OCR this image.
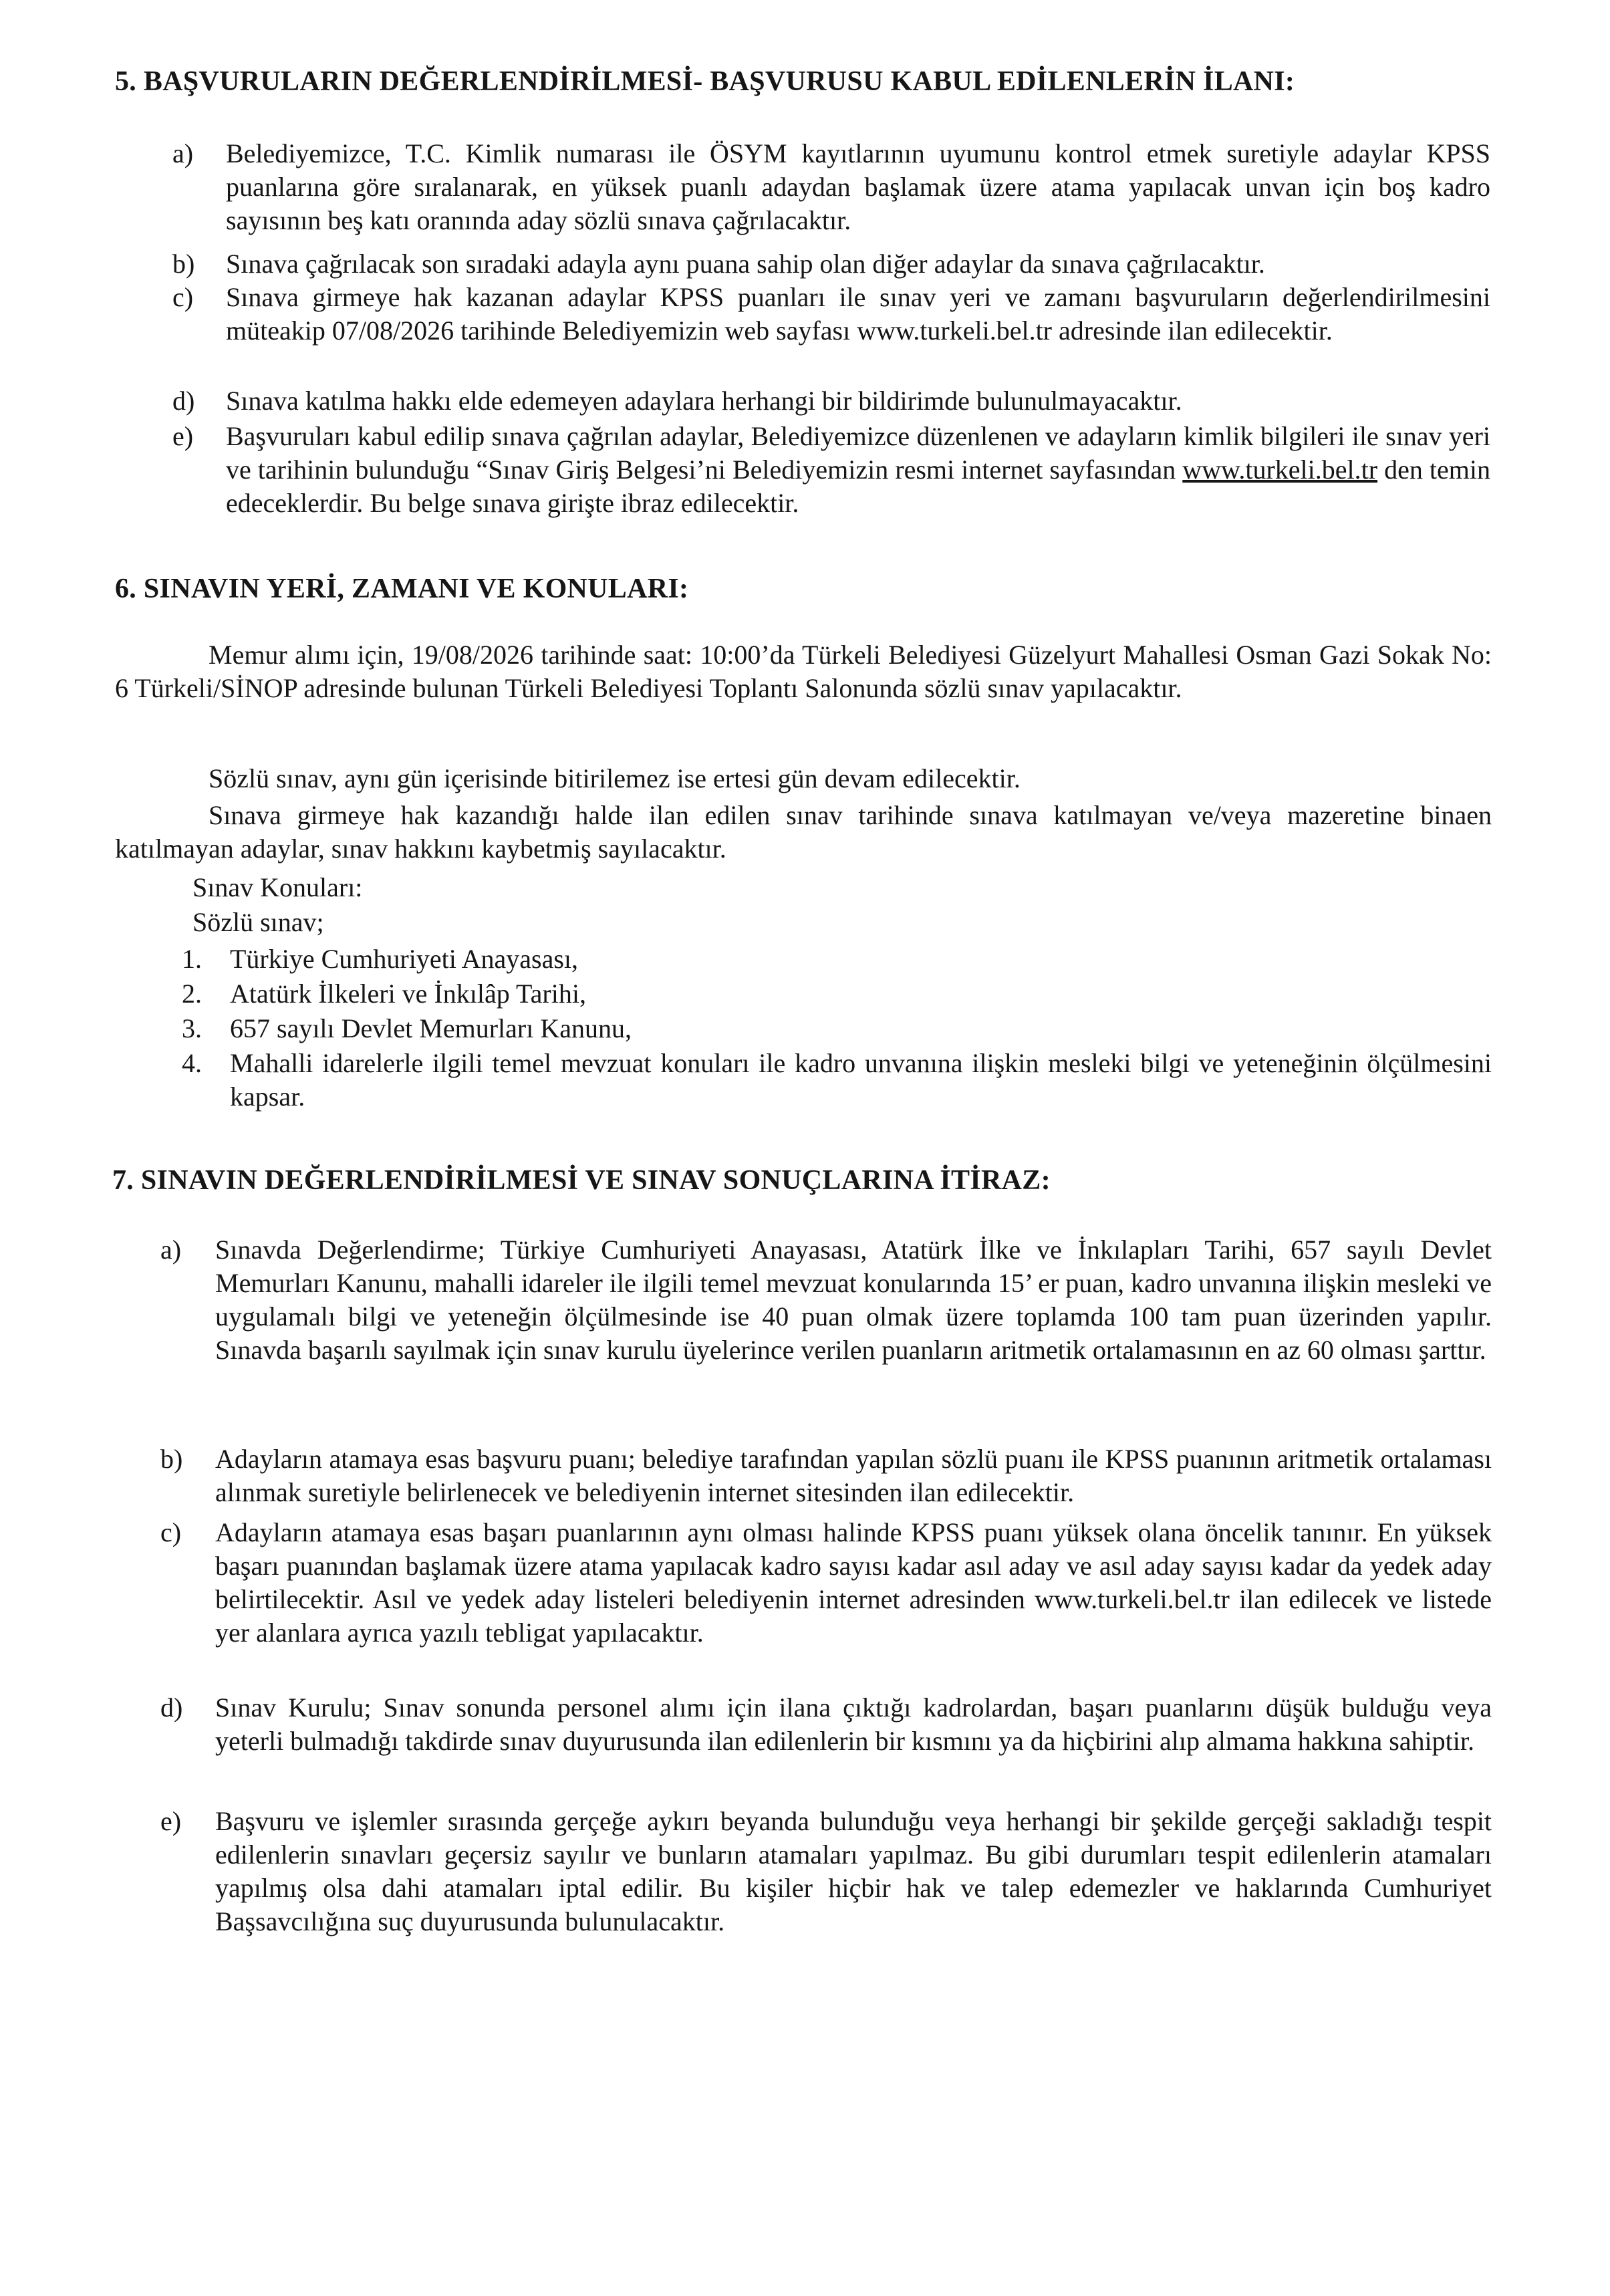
5. BAŞVURULARIN DEĞERLENDİRİLMESİ- BAŞVURUSU KABUL EDİLENLERİN İLANI:
a) Belediyemizce, T.C. Kimlik numarası ile ÖSYM kayıtlarının uyumunu kontrol etmek suretiyle adaylar KPSS puanlarına göre sıralanarak, en yüksek puanlı adaydan başlamak üzere atama yapılacak unvan için boş kadro sayısının beş katı oranında aday sözlü sınava çağrılacaktır.
b) Sınava çağrılacak son sıradaki adayla aynı puana sahip olan diğer adaylar da sınava çağrılacaktır.
c) Sınava girmeye hak kazanan adaylar KPSS puanları ile sınav yeri ve zamanı başvuruların değerlendirilmesini müteakip 07/08/2026 tarihinde Belediyemizin web sayfası www.turkeli.bel.tr adresinde ilan edilecektir.
d) Sınava katılma hakkı elde edemeyen adaylara herhangi bir bildirimde bulunulmayacaktır.
e) Başvuruları kabul edilip sınava çağrılan adaylar, Belediyemizce düzenlenen ve adayların kimlik bilgileri ile sınav yeri ve tarihinin bulunduğu “Sınav Giriş Belgesi’ni Belediyemizin resmi internet sayfasından www.turkeli.bel.tr den temin edeceklerdir. Bu belge sınava girişte ibraz edilecektir.
6. SINAVIN YERİ, ZAMANI VE KONULARI:
Memur alımı için, 19/08/2026 tarihinde saat: 10:00’da Türkeli Belediyesi Güzelyurt Mahallesi Osman Gazi Sokak No: 6 Türkeli/SİNOP adresinde bulunan Türkeli Belediyesi Toplantı Salonunda sözlü sınav yapılacaktır.
Sözlü sınav, aynı gün içerisinde bitirilemez ise ertesi gün devam edilecektir.
Sınava girmeye hak kazandığı halde ilan edilen sınav tarihinde sınava katılmayan ve/veya mazeretine binaen katılmayan adaylar, sınav hakkını kaybetmiş sayılacaktır.
Sınav Konuları:
Sözlü sınav;
1. Türkiye Cumhuriyeti Anayasası,
2. Atatürk İlkeleri ve İnkılâp Tarihi,
3. 657 sayılı Devlet Memurları Kanunu,
4. Mahalli idarelerle ilgili temel mevzuat konuları ile kadro unvanına ilişkin mesleki bilgi ve yeteneğinin ölçülmesini kapsar.
7. SINAVIN DEĞERLENDİRİLMESİ VE SINAV SONUÇLARINA İTİRAZ:
a) Sınavda Değerlendirme; Türkiye Cumhuriyeti Anayasası, Atatürk İlke ve İnkılapları Tarihi, 657 sayılı Devlet Memurları Kanunu, mahalli idareler ile ilgili temel mevzuat konularında 15’ er puan, kadro unvanına ilişkin mesleki ve uygulamalı bilgi ve yeteneğin ölçülmesinde ise 40 puan olmak üzere toplamda 100 tam puan üzerinden yapılır. Sınavda başarılı sayılmak için sınav kurulu üyelerince verilen puanların aritmetik ortalamasının en az 60 olması şarttır.
b) Adayların atamaya esas başvuru puanı; belediye tarafından yapılan sözlü puanı ile KPSS puanının aritmetik ortalaması alınmak suretiyle belirlenecek ve belediyenin internet sitesinden ilan edilecektir.
c) Adayların atamaya esas başarı puanlarının aynı olması halinde KPSS puanı yüksek olana öncelik tanınır. En yüksek başarı puanından başlamak üzere atama yapılacak kadro sayısı kadar asıl aday ve asıl aday sayısı kadar da yedek aday belirtilecektir. Asıl ve yedek aday listeleri belediyenin internet adresinden www.turkeli.bel.tr ilan edilecek ve listede yer alanlara ayrıca yazılı tebligat yapılacaktır.
d) Sınav Kurulu; Sınav sonunda personel alımı için ilana çıktığı kadrolardan, başarı puanlarını düşük bulduğu veya yeterli bulmadığı takdirde sınav duyurusunda ilan edilenlerin bir kısmını ya da hiçbirini alıp almama hakkına sahiptir.
e) Başvuru ve işlemler sırasında gerçeğe aykırı beyanda bulunduğu veya herhangi bir şekilde gerçeği sakladığı tespit edilenlerin sınavları geçersiz sayılır ve bunların atamaları yapılmaz. Bu gibi durumları tespit edilenlerin atamaları yapılmış olsa dahi atamaları iptal edilir. Bu kişiler hiçbir hak ve talep edemezler ve haklarında Cumhuriyet Başsavcılığına suç duyurusunda bulunulacaktır.
